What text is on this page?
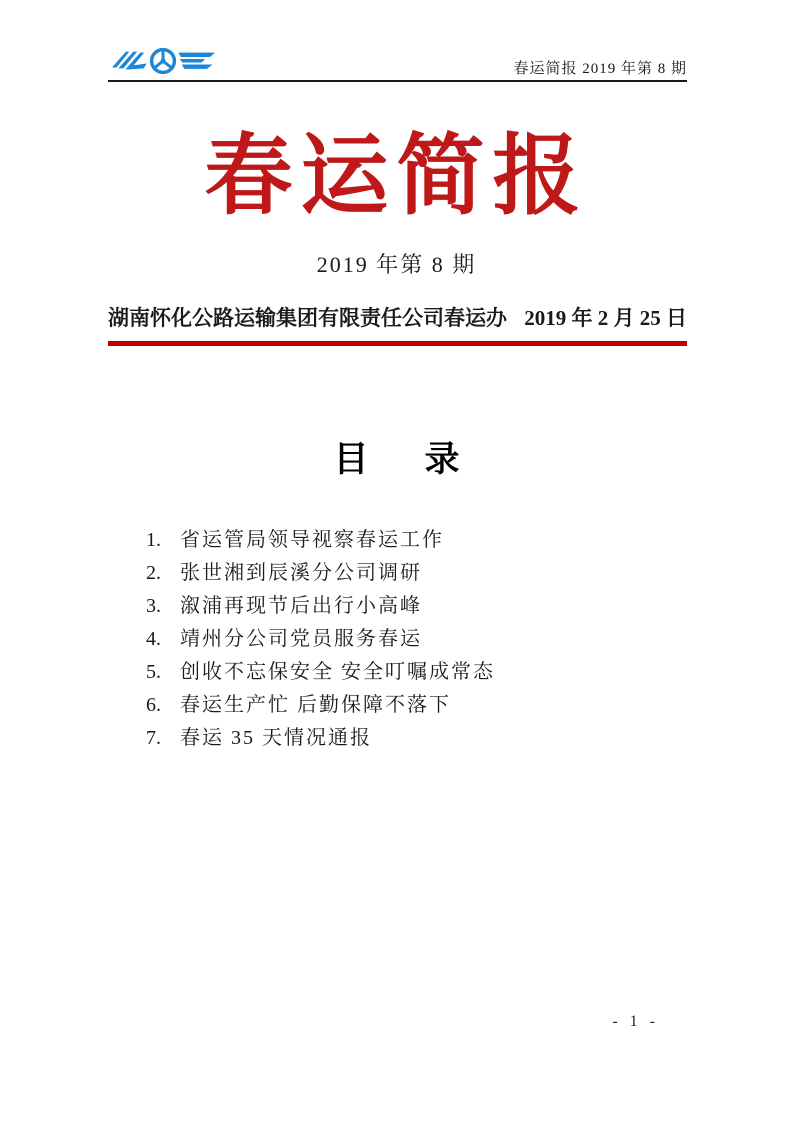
春运简报 2019 年第 8 期
春运简报
2019 年第 8 期
湖南怀化公路运输集团有限责任公司春运办 2019 年 2 月 25 日
目 录
1. 省运管局领导视察春运工作
2. 张世湘到辰溪分公司调研
3. 溆浦再现节后出行小高峰
4. 靖州分公司党员服务春运
5. 创收不忘保安全 安全叮嘱成常态
6. 春运生产忙 后勤保障不落下
7. 春运 35 天情况通报
- 1 -
